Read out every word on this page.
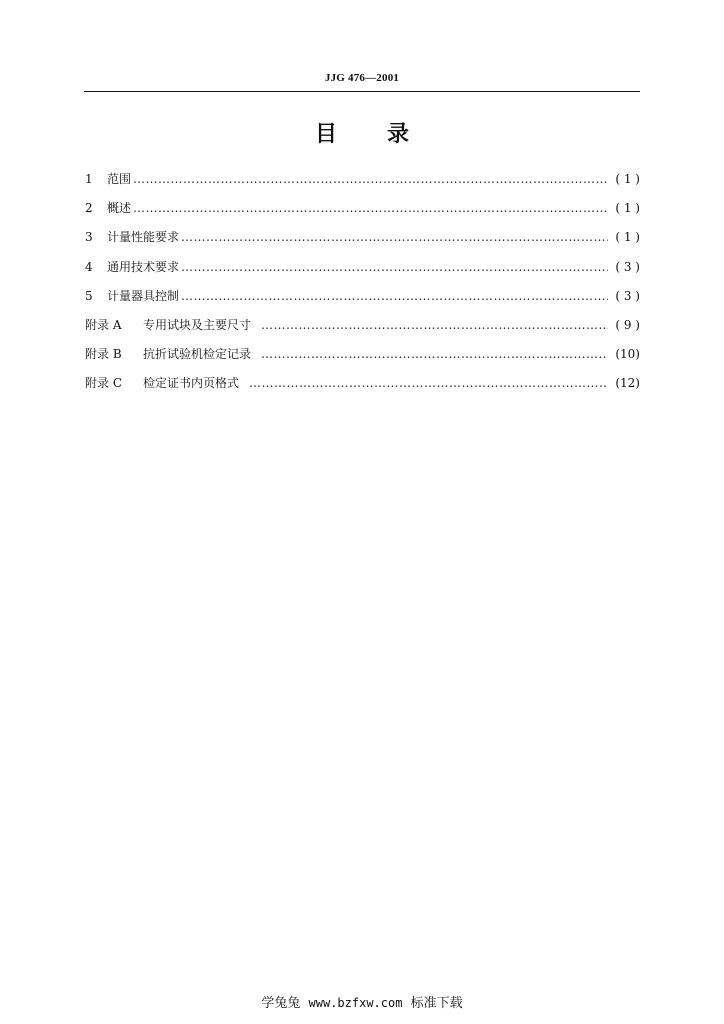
JJG 476—2001
目 录
1	范围 ……………………………………………………………………………………………………………………………………………………	( 1 )
2	概述 ……………………………………………………………………………………………………………………………………………………	( 1 )
3	计量性能要求 ……………………………………………………………………………………………………………………………………………………	( 1 )
4	通用技术要求 ……………………………………………………………………………………………………………………………………………………	( 3 )
5	计量器具控制 ……………………………………………………………………………………………………………………………………………………	( 3 )
附录 A	专用试块及主要尺寸 ……………………………………………………………………………………………………………………………………………………	( 9 )
附录 B	抗折试验机检定记录 ……………………………………………………………………………………………………………………………………………………	(10)
附录 C	检定证书内页格式 ……………………………………………………………………………………………………………………………………………………	(12)
学兔兔 www.bzfxw.com 标准下载
